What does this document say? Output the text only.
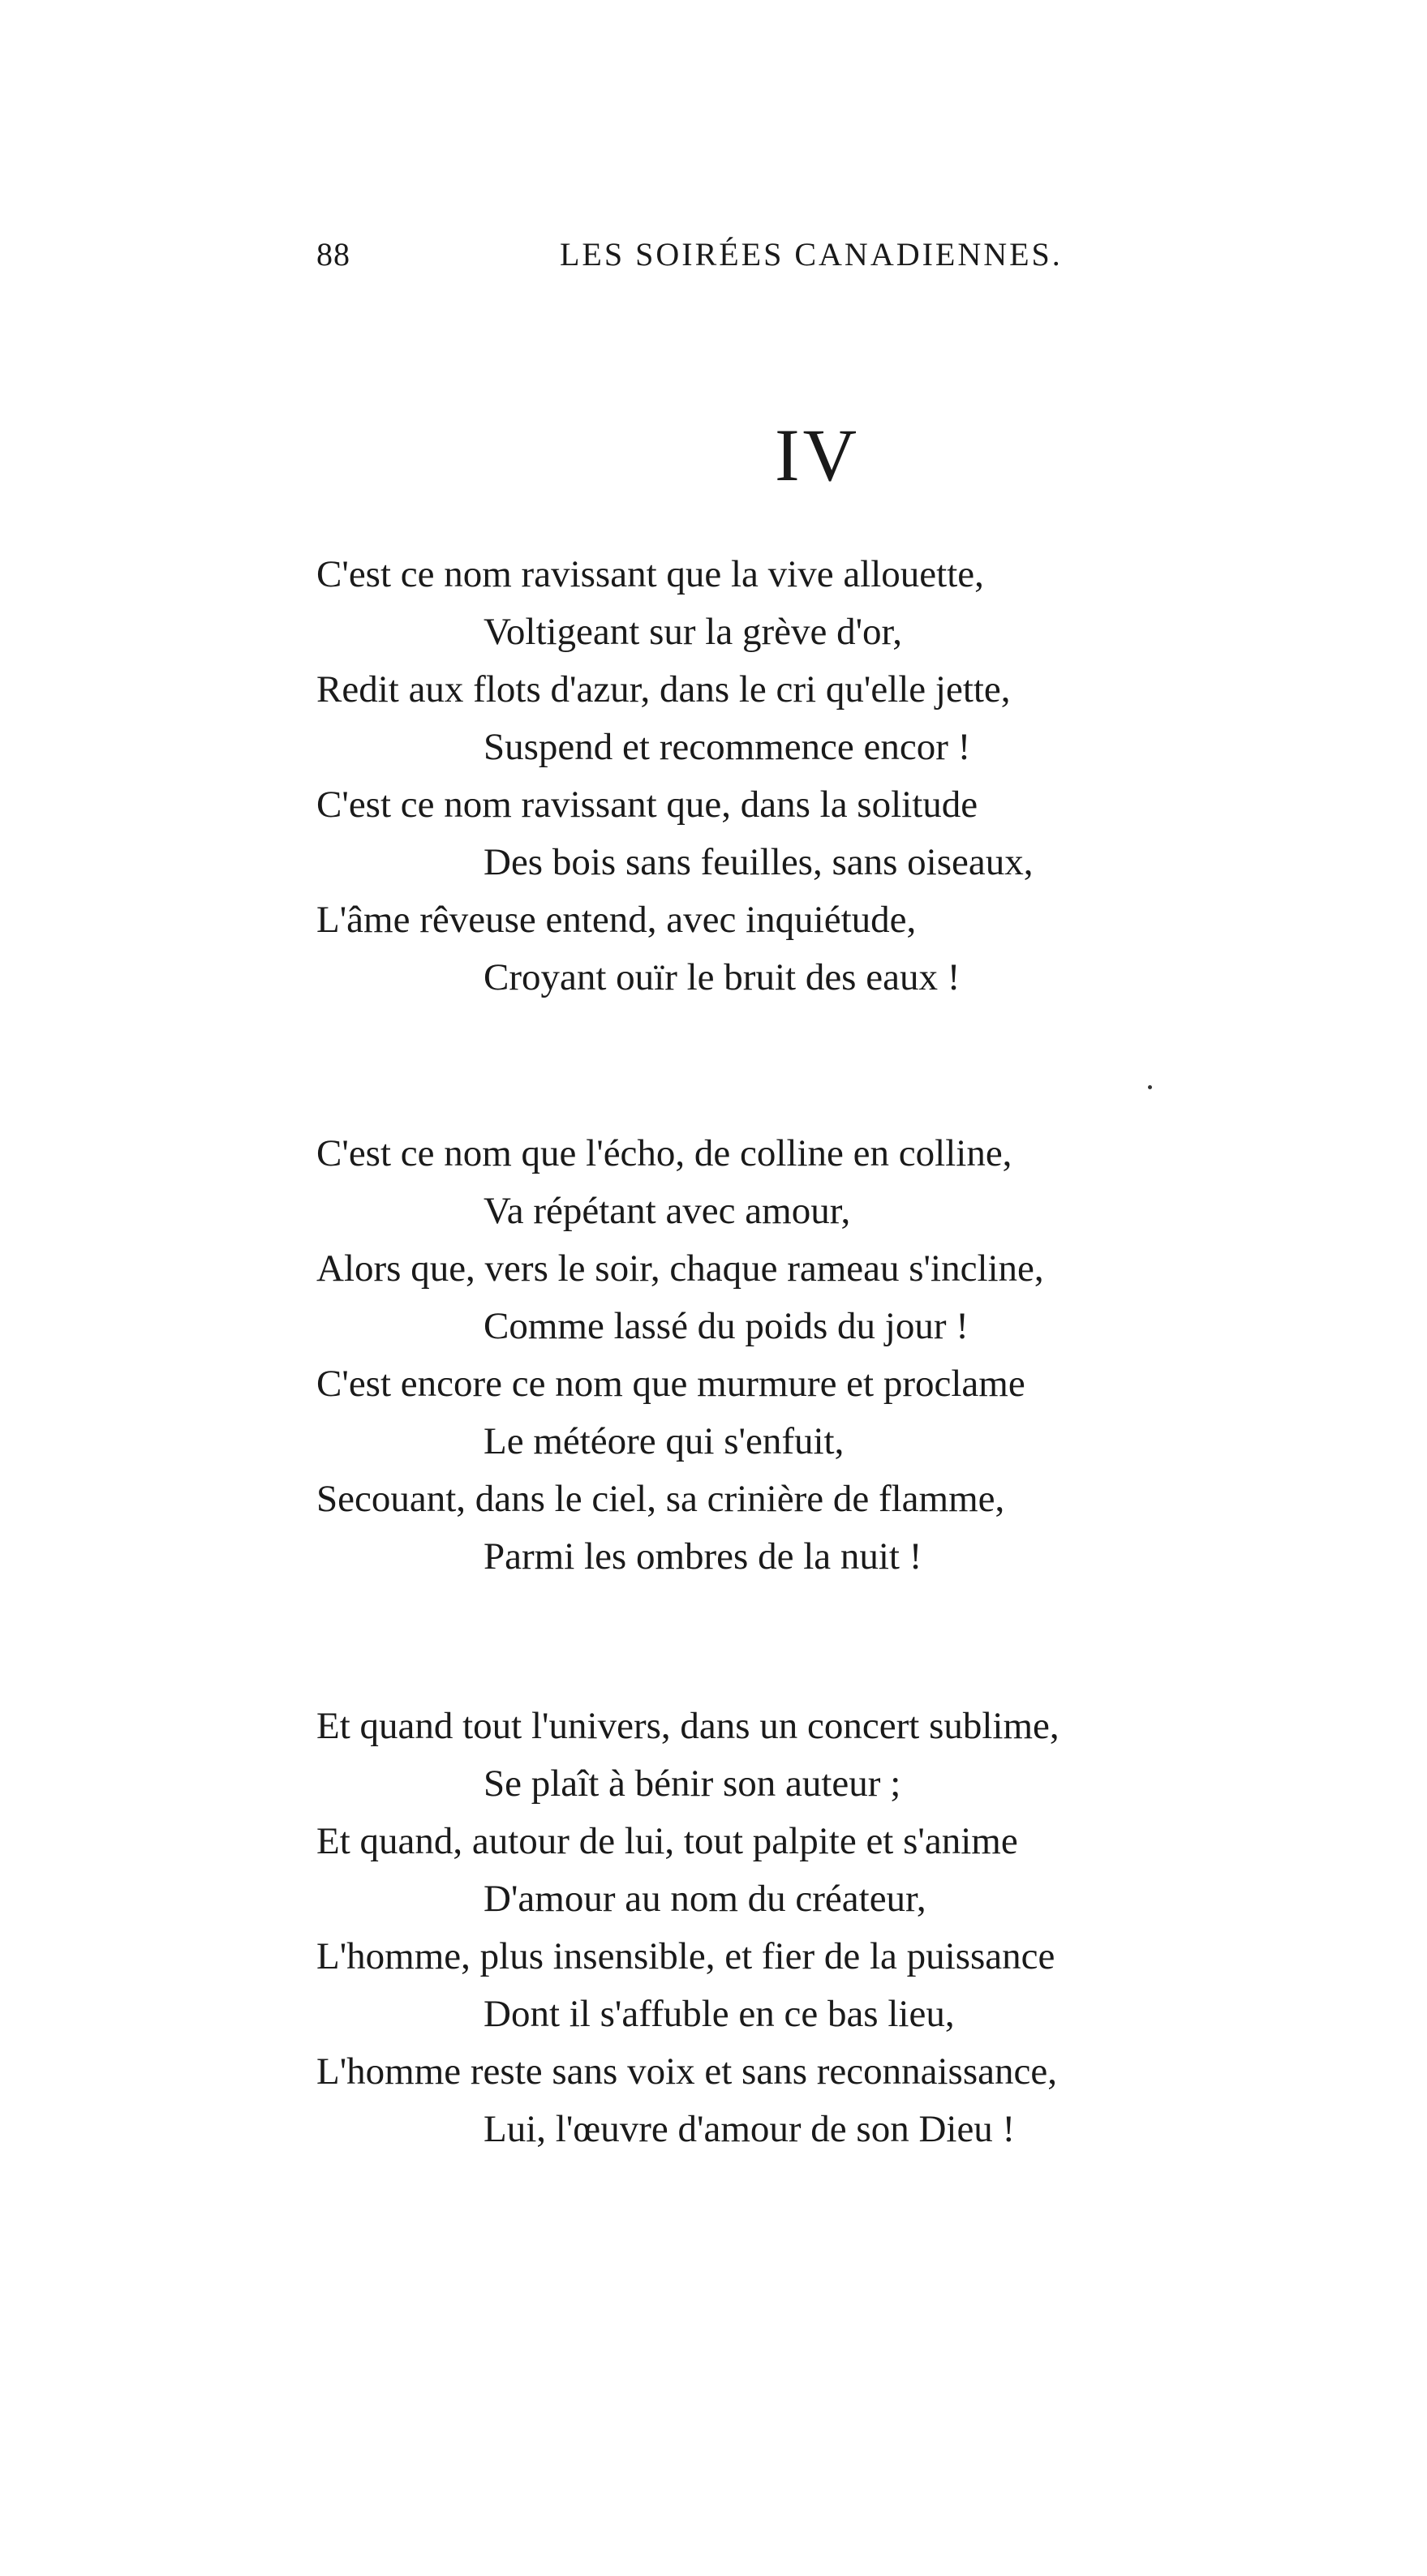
88	LES SOIRÉES CANADIENNES.
IV
C'est ce nom ravissant que la vive allouette,
Voltigeant sur la grève d'or,
Redit aux flots d'azur, dans le cri qu'elle jette,
Suspend et recommence encor !
C'est ce nom ravissant que, dans la solitude
Des bois sans feuilles, sans oiseaux,
L'âme rêveuse entend, avec inquiétude,
Croyant ouïr le bruit des eaux !
C'est ce nom que l'écho, de colline en colline,
Va répétant avec amour,
Alors que, vers le soir, chaque rameau s'incline,
Comme lassé du poids du jour !
C'est encore ce nom que murmure et proclame
Le météore qui s'enfuit,
Secouant, dans le ciel, sa crinière de flamme,
Parmi les ombres de la nuit !
Et quand tout l'univers, dans un concert sublime,
Se plaît à bénir son auteur ;
Et quand, autour de lui, tout palpite et s'anime
D'amour au nom du créateur,
L'homme, plus insensible, et fier de la puissance
Dont il s'affuble en ce bas lieu,
L'homme reste sans voix et sans reconnaissance,
Lui, l'œuvre d'amour de son Dieu !
